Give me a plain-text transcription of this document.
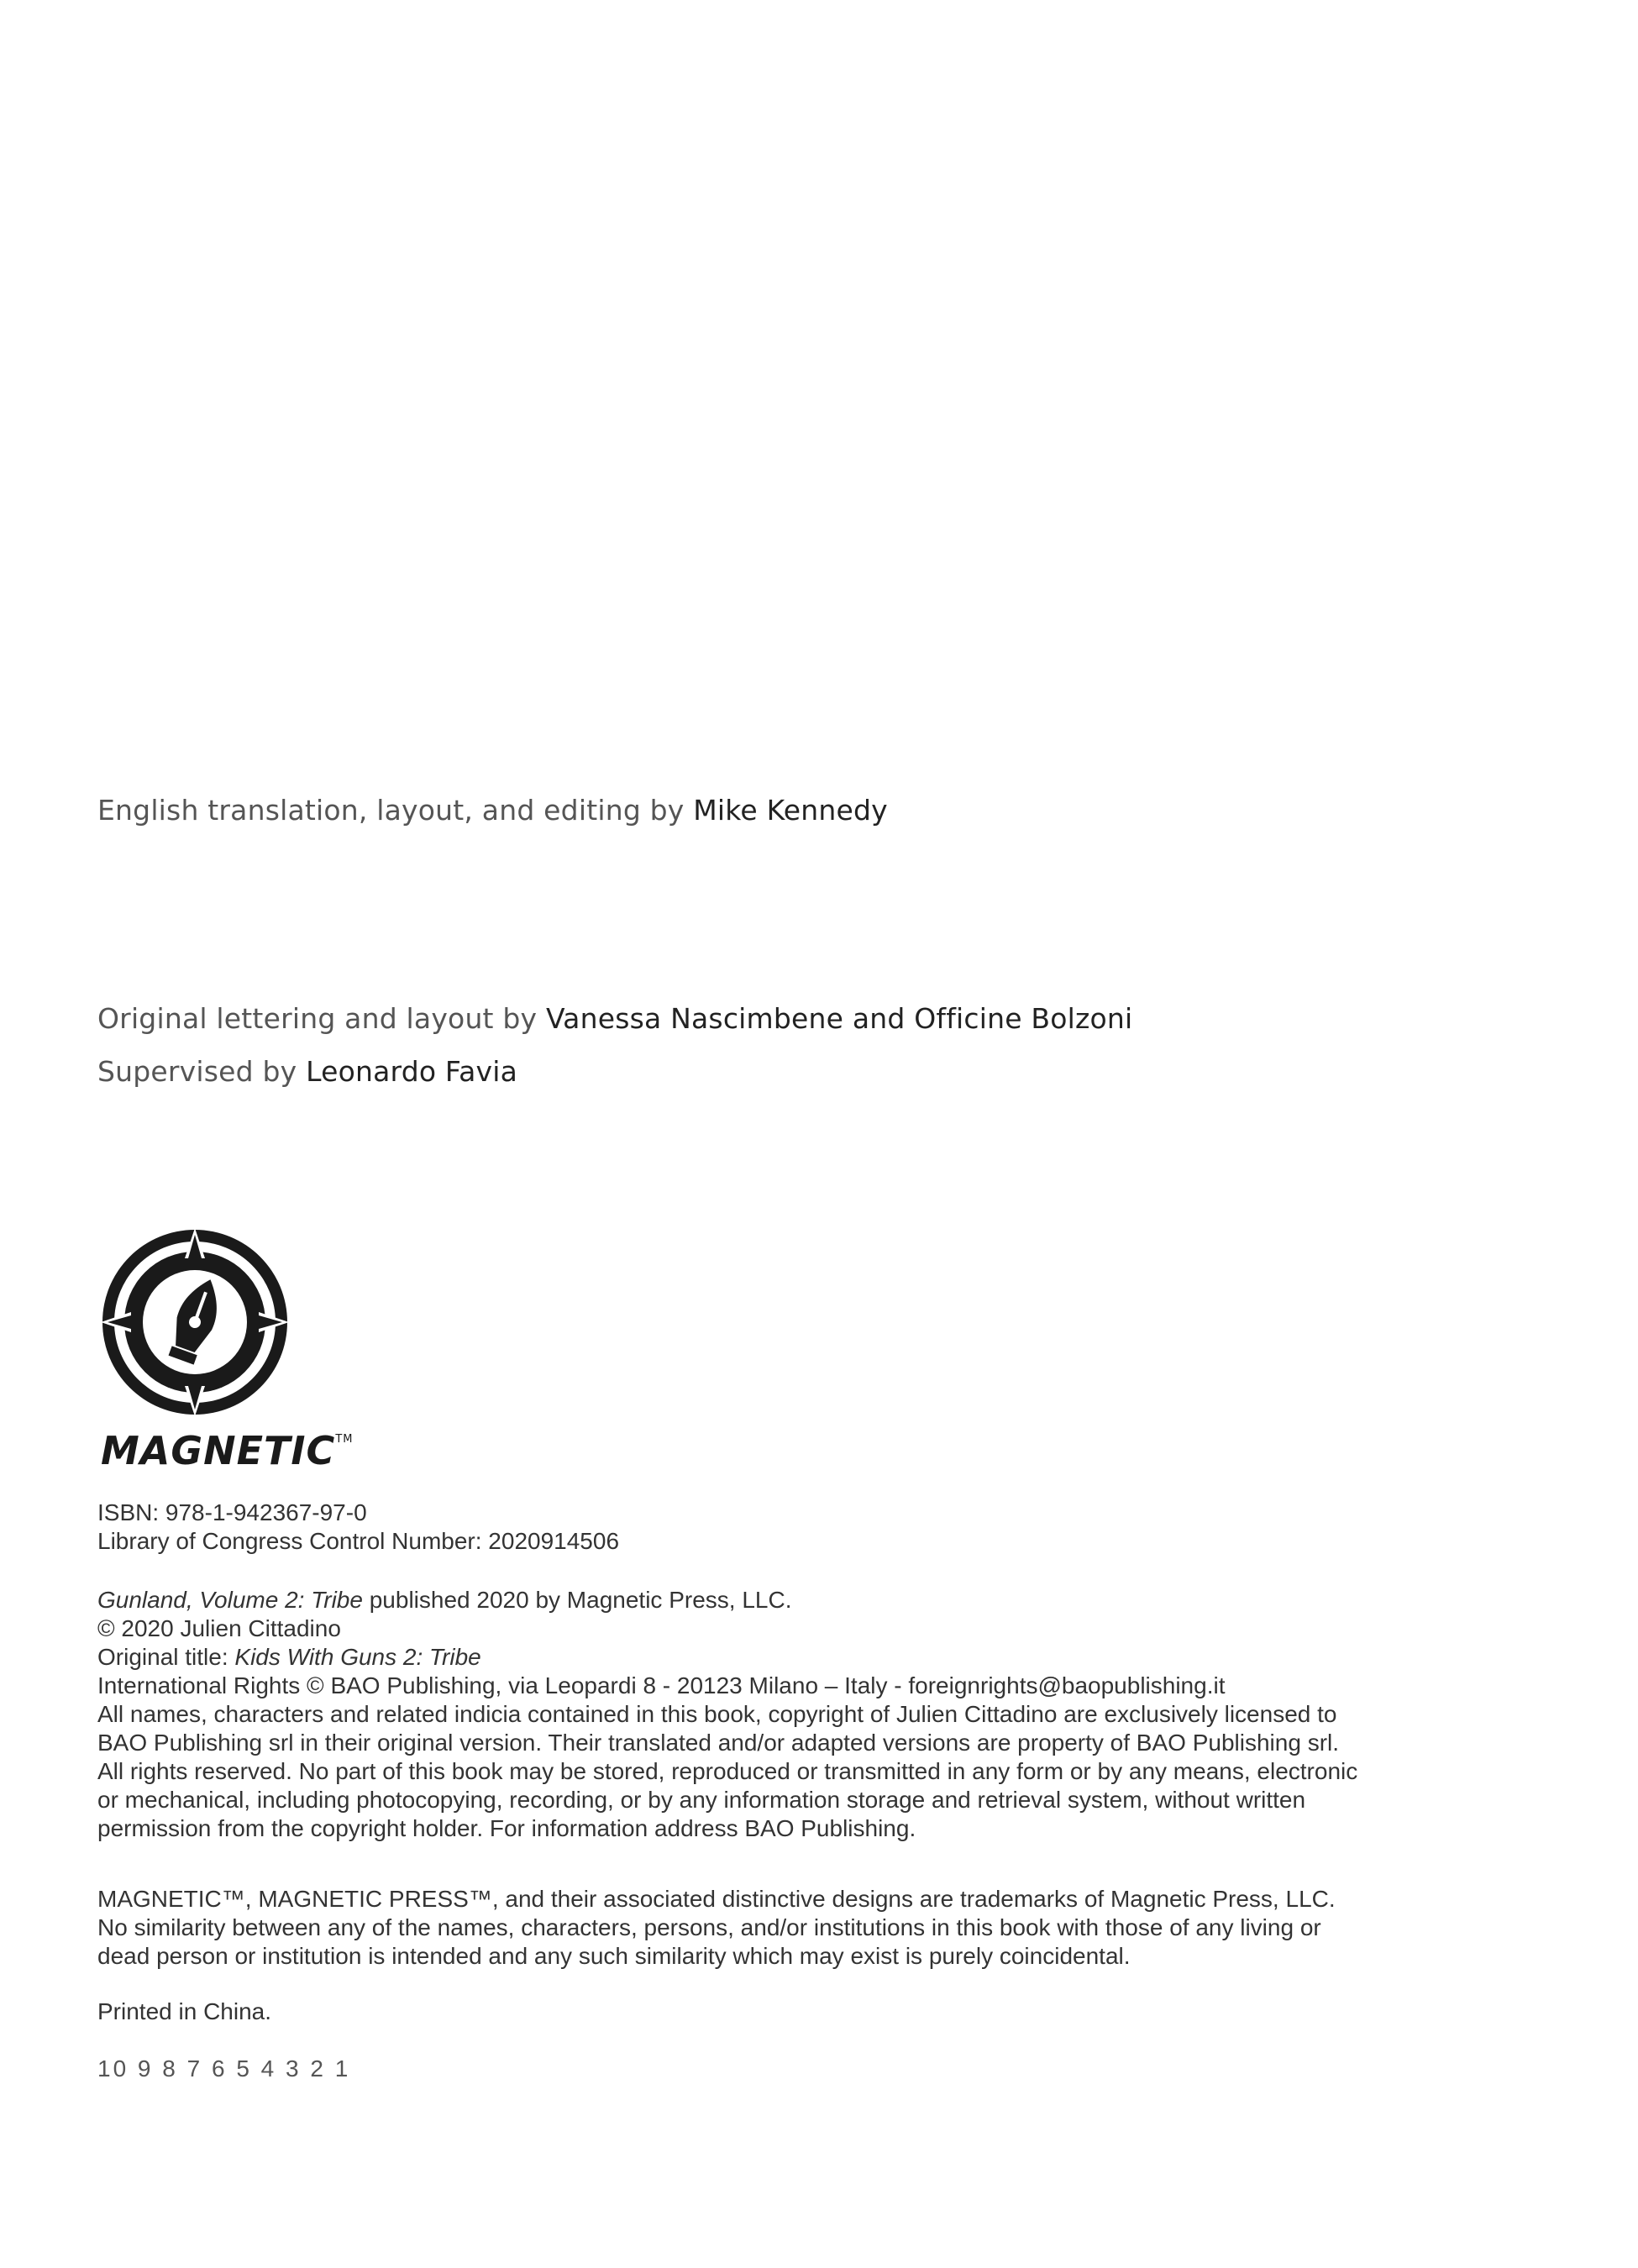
English translation, layout, and editing by Mike Kennedy
Original lettering and layout by Vanessa Nascimbene and Officine Bolzoni
Supervised by Leonardo Favia
MAGNETIC™

ISBN: 978-1-942367-97-0

Library of Congress Control Number: 2020914506

Gunland, Volume 2: Tribe published 2020 by Magnetic Press, LLC.

© 2020 Julien Cittadino

Original title: Kids With Guns 2: Tribe

International Rights © BAO Publishing, via Leopardi 8 - 20123 Milano – Italy - foreignrights@baopublishing.it

All names, characters and related indicia contained in this book, copyright of Julien Cittadino are exclusively licensed to

BAO Publishing srl in their original version. Their translated and/or adapted versions are property of BAO Publishing srl.

All rights reserved. No part of this book may be stored, reproduced or transmitted in any form or by any means, electronic

or mechanical, including photocopying, recording, or by any information storage and retrieval system, without written

permission from the copyright holder. For information address BAO Publishing.

MAGNETIC™, MAGNETIC PRESS™, and their associated distinctive designs are trademarks of Magnetic Press, LLC.

No similarity between any of the names, characters, persons, and/or institutions in this book with those of any living or

dead person or institution is intended and any such similarity which may exist is purely coincidental.

Printed in China.
10 9 8 7 6 5 4 3 2 1
